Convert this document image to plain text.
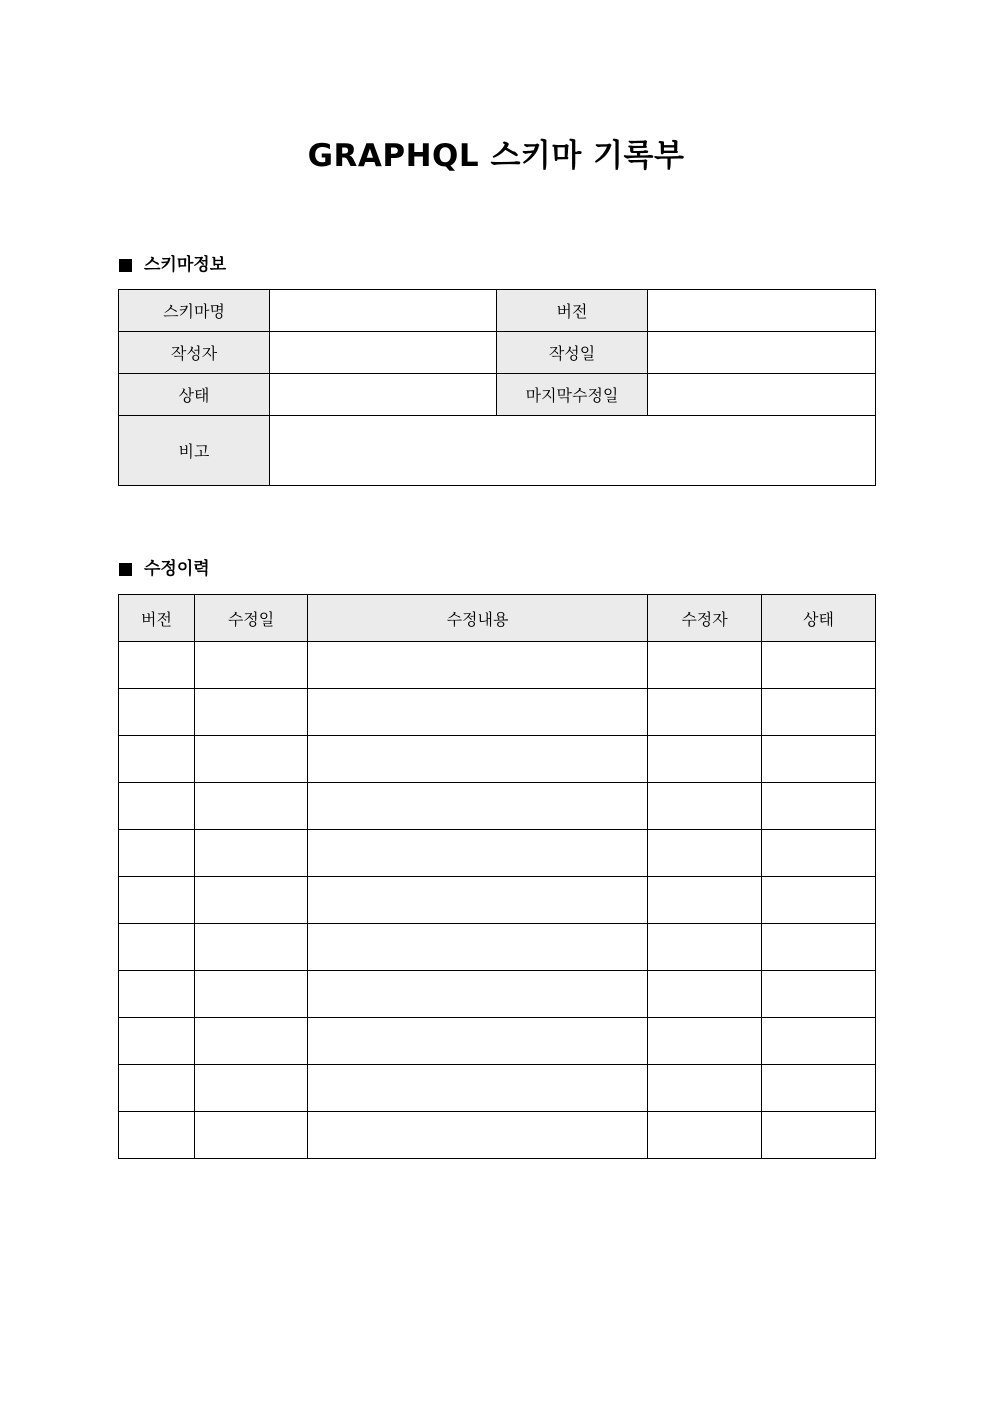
GRAPHQL 스키마 기록부
스키마정보
스키마명		버전	
작성자		작성일	
상태		마지막수정일	
비고			
수정이력
버전	수정일	수정내용	수정자	상태
